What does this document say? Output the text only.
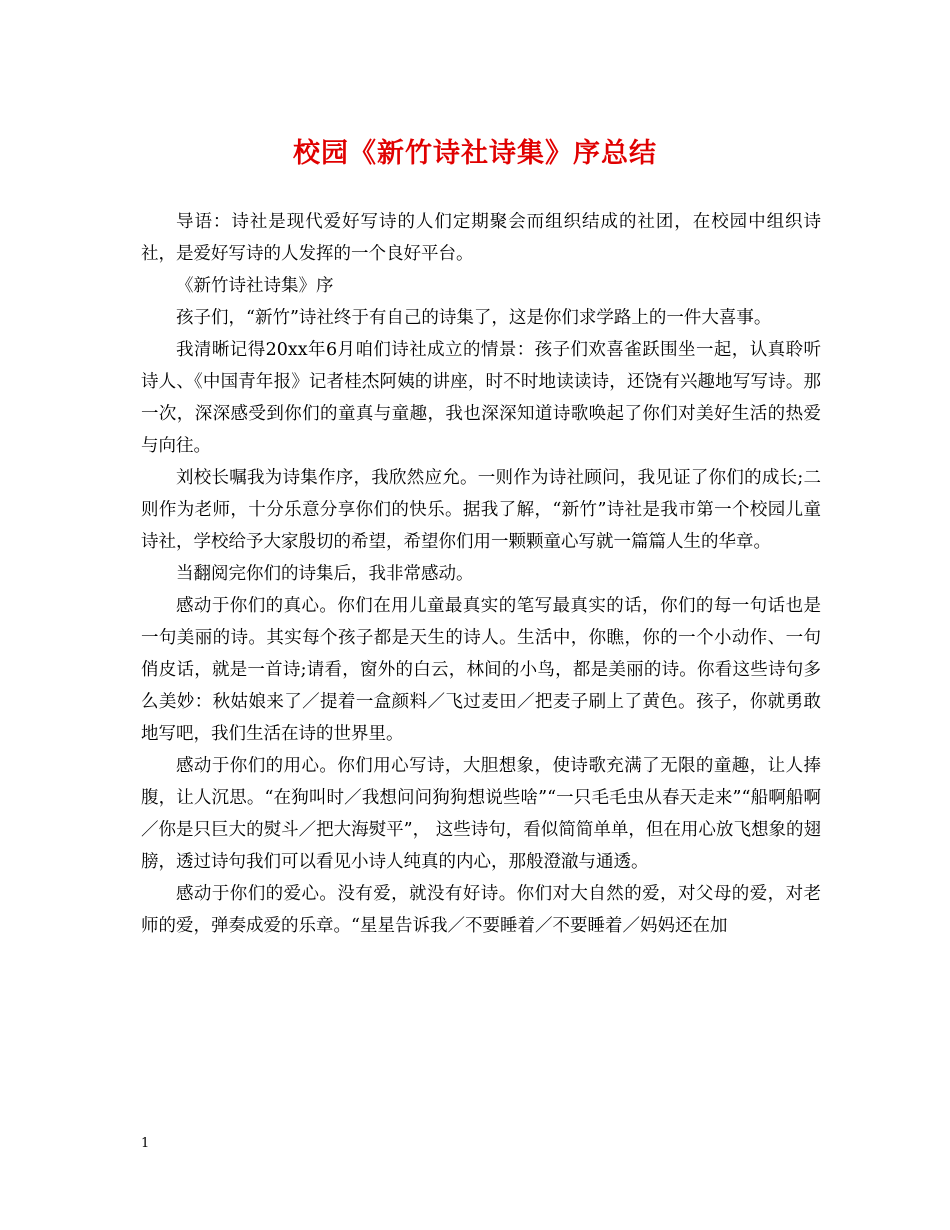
校园《新竹诗社诗集》序总结

导语：诗社是现代爱好写诗的人们定期聚会而组织结成的社团，在校园中组织诗社，是爱好写诗的人发挥的一个良好平台。

《新竹诗社诗集》序

孩子们，“新竹”诗社终于有自己的诗集了，这是你们求学路上的一件大喜事。

我清晰记得20xx年6月咱们诗社成立的情景：孩子们欢喜雀跃围坐一起，认真聆听诗人、《中国青年报》记者桂杰阿姨的讲座，时不时地读读诗，还饶有兴趣地写写诗。那一次，深深感受到你们的童真与童趣，我也深深知道诗歌唤起了你们对美好生活的热爱与向往。

刘校长嘱我为诗集作序，我欣然应允。一则作为诗社顾问，我见证了你们的成长;二则作为老师，十分乐意分享你们的快乐。据我了解，“新竹”诗社是我市第一个校园儿童诗社，学校给予大家殷切的希望，希望你们用一颗颗童心写就一篇篇人生的华章。

当翻阅完你们的诗集后，我非常感动。

感动于你们的真心。你们在用儿童最真实的笔写最真实的话，你们的每一句话也是一句美丽的诗。其实每个孩子都是天生的诗人。生活中，你瞧，你的一个小动作、一句俏皮话，就是一首诗;请看，窗外的白云，林间的小鸟，都是美丽的诗。你看这些诗句多么美妙：秋姑娘来了／提着一盒颜料／飞过麦田／把麦子刷上了黄色。孩子，你就勇敢地写吧，我们生活在诗的世界里。

感动于你们的用心。你们用心写诗，大胆想象，使诗歌充满了无限的童趣，让人捧腹，让人沉思。“在狗叫时／我想问问狗狗想说些啥”“一只毛毛虫从春天走来”“船啊船啊／你是只巨大的熨斗／把大海熨平”， 这些诗句，看似简简单单，但在用心放飞想象的翅膀，透过诗句我们可以看见小诗人纯真的内心，那般澄澈与通透。

感动于你们的爱心。没有爱，就没有好诗。你们对大自然的爱，对父母的爱，对老师的爱，弹奏成爱的乐章。“星星告诉我／不要睡着／不要睡着／妈妈还在加

1
